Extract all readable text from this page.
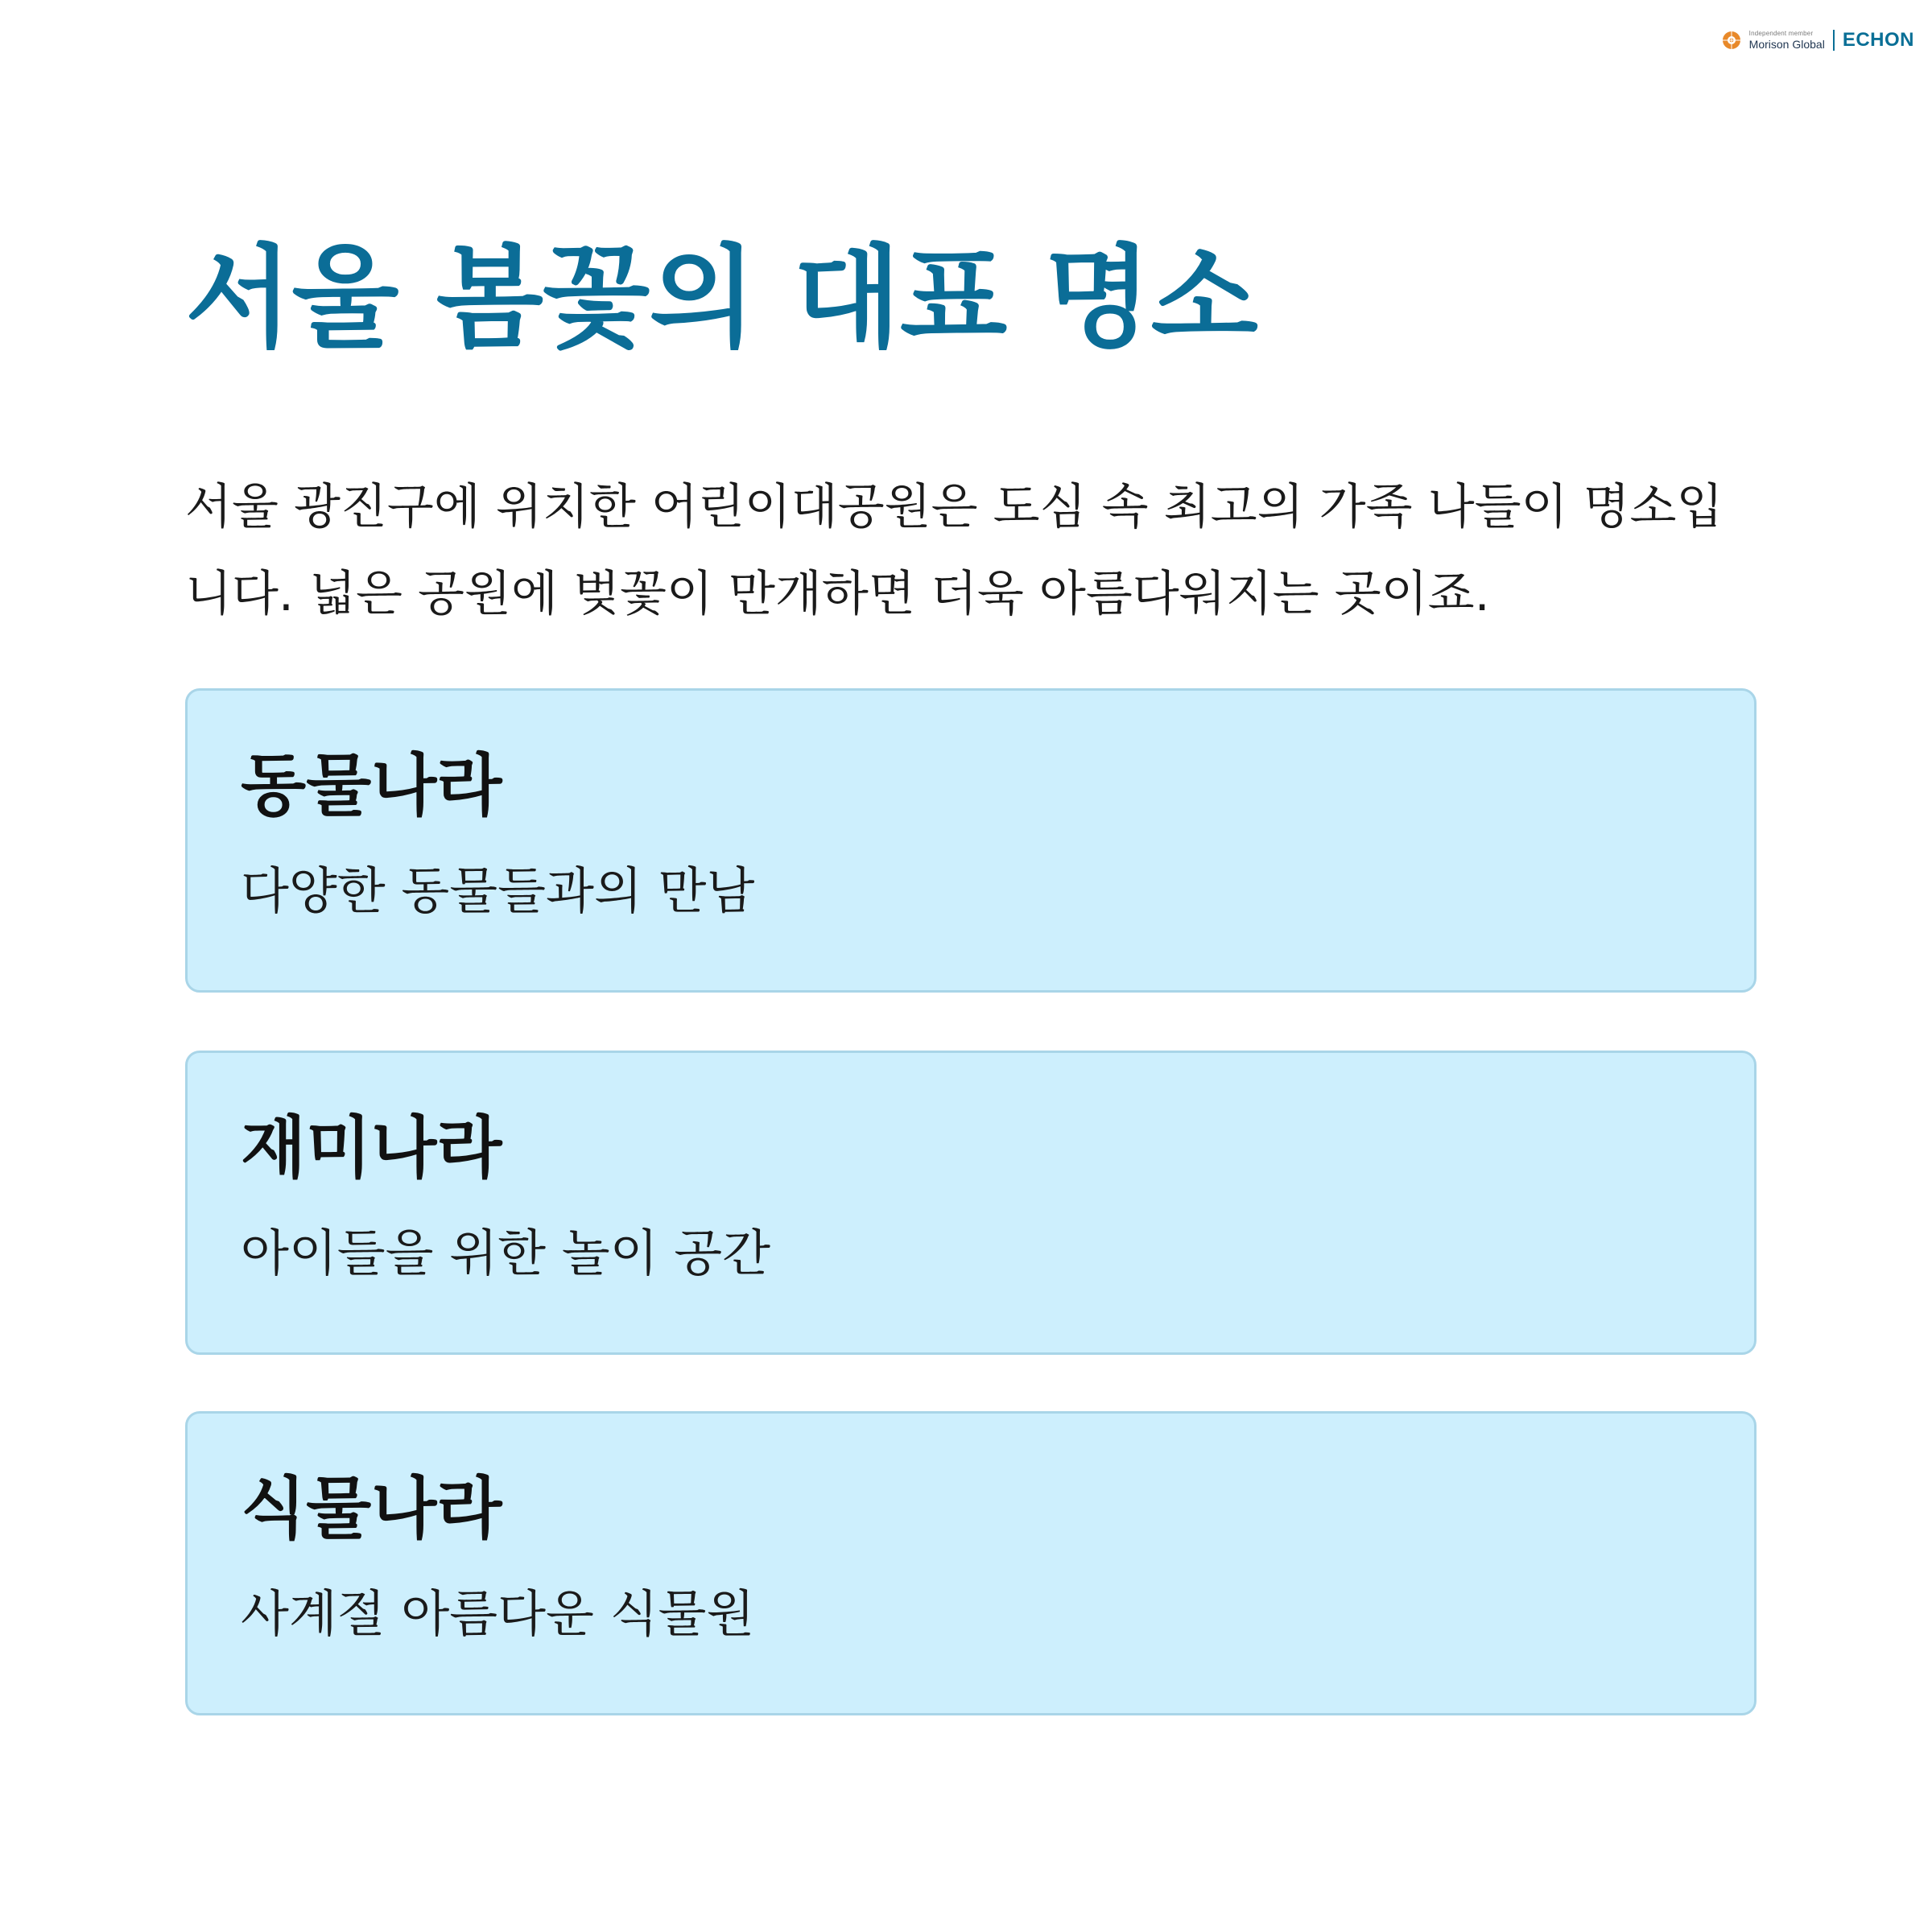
Independent member
Morison Global ECHON
서울 봄꽃의 대표 명소

서울 광진구에 위치한 어린이대공원은 도심 속 최고의 가족 나들이 명소입니다. 넓은 공원에 벚꽃이 만개하면 더욱 아름다워지는 곳이죠.

동물나라

다양한 동물들과의 만남

재미나라

아이들을 위한 놀이 공간

식물나라

사계절 아름다운 식물원
